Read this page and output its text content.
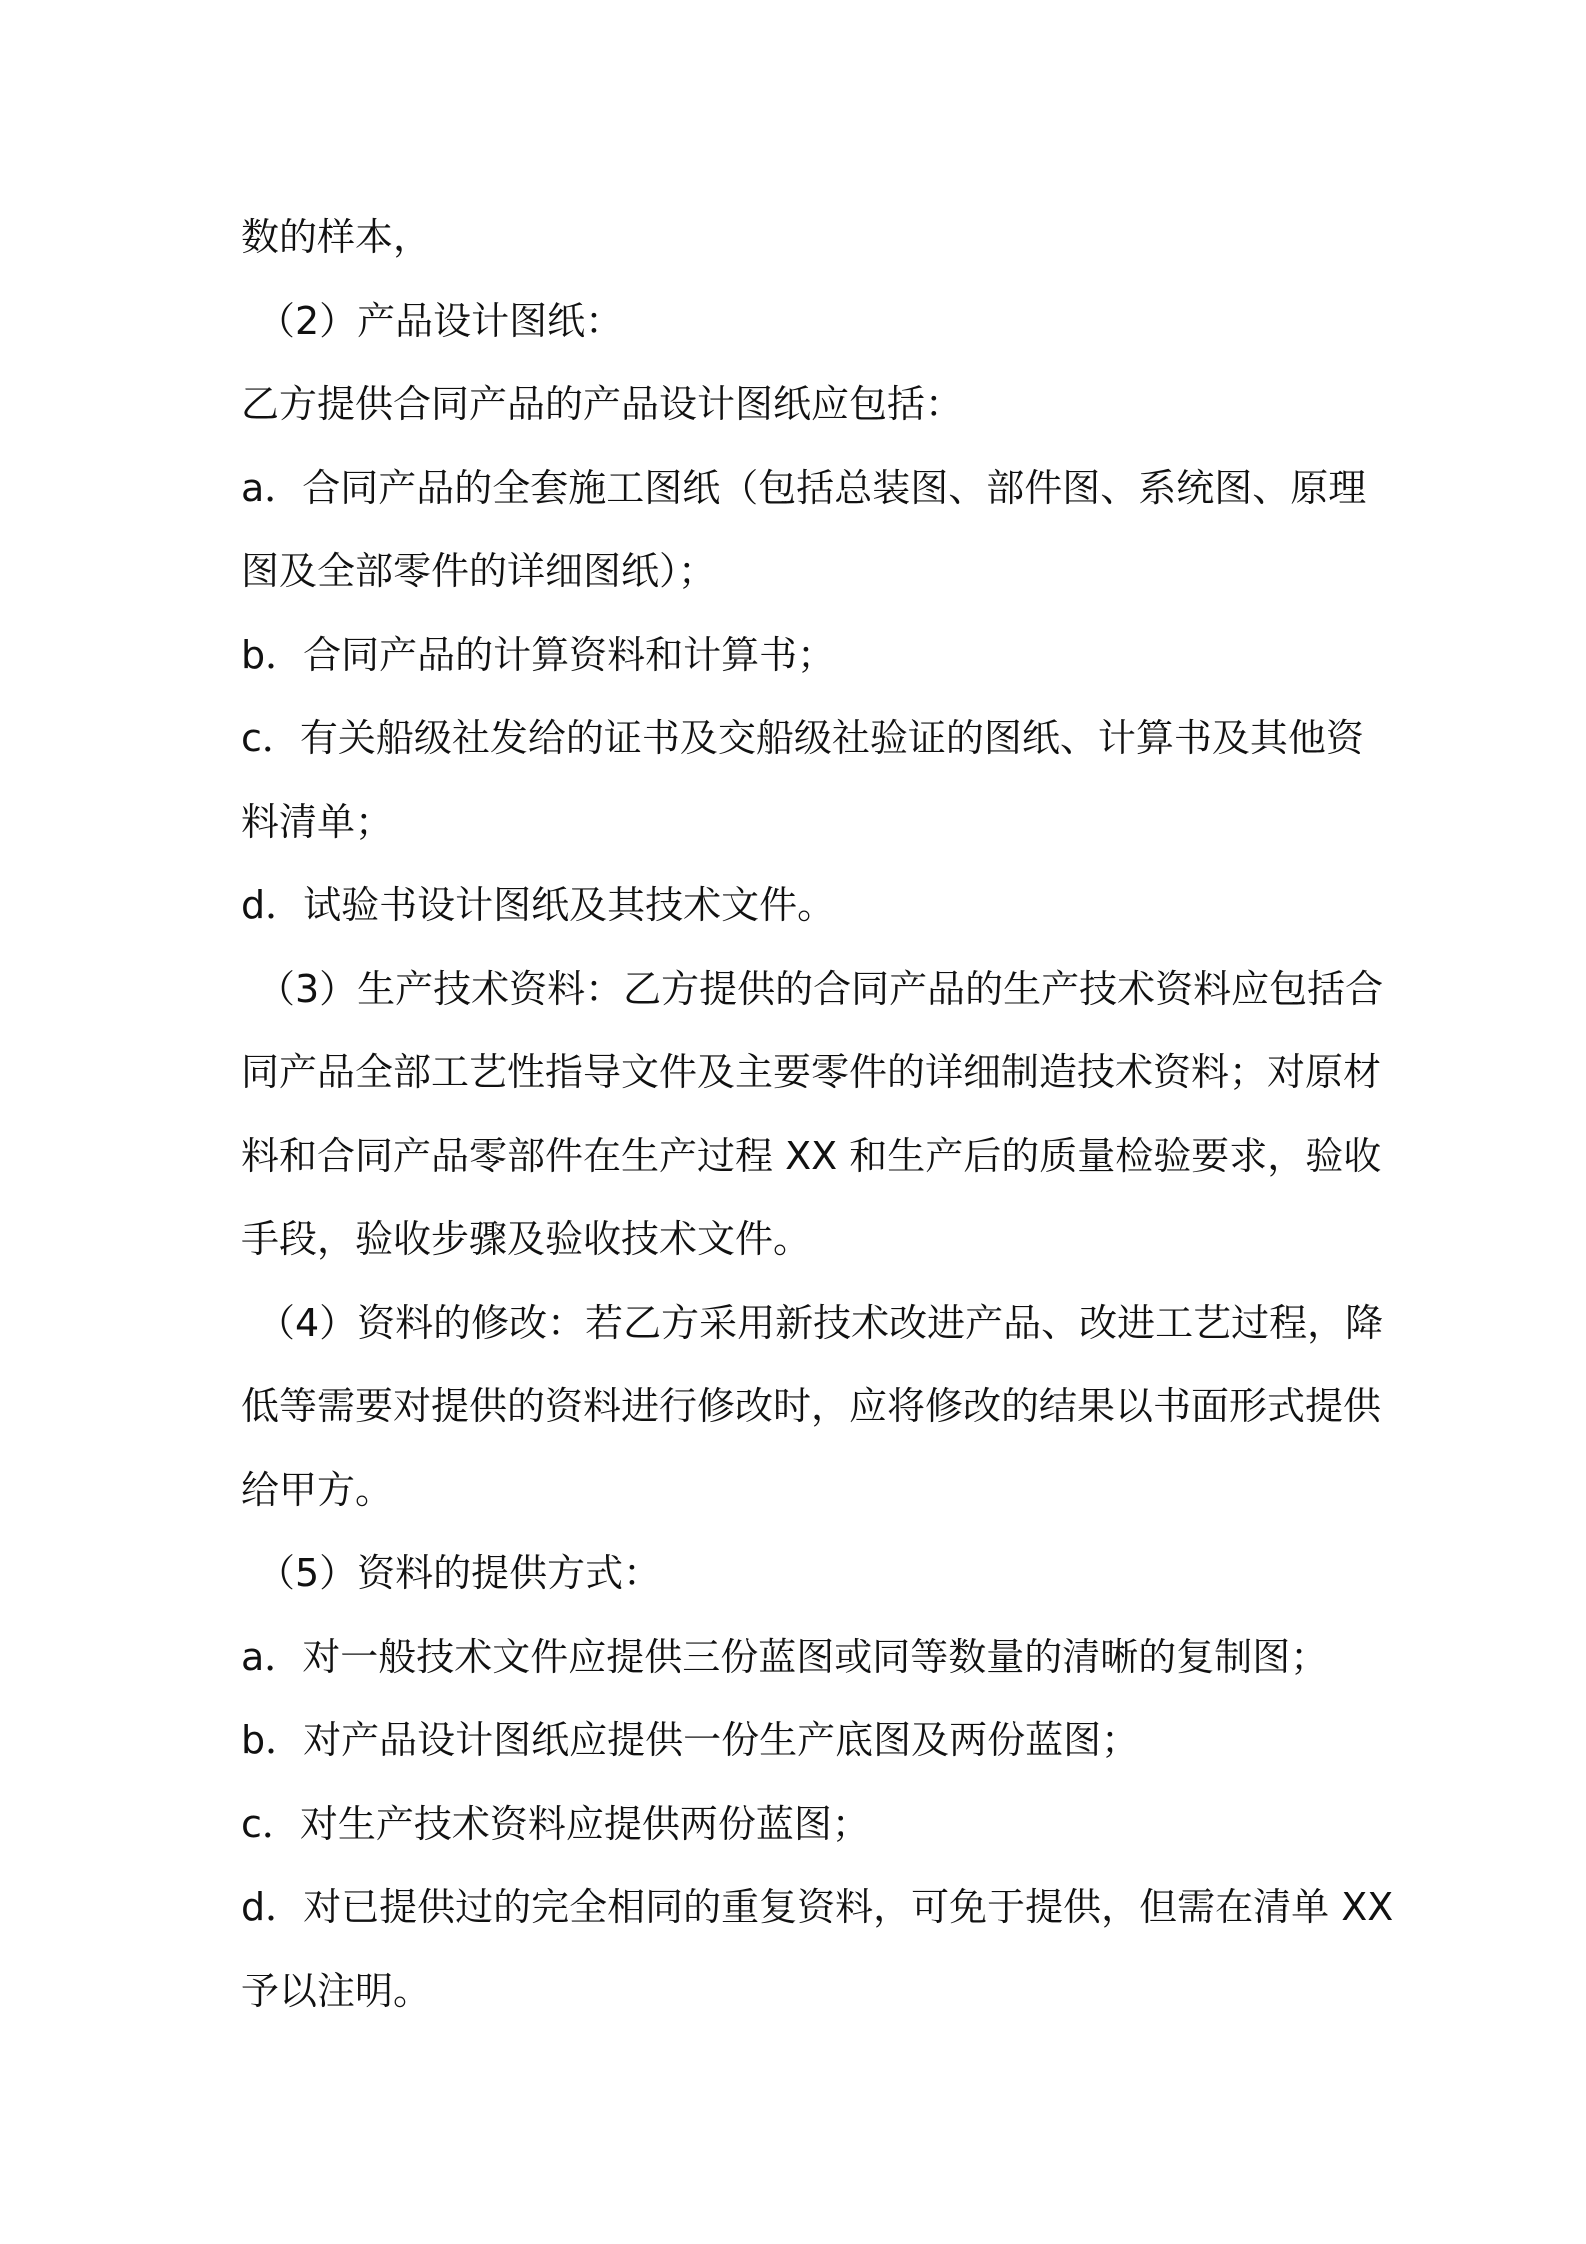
数的样本，
（2）产品设计图纸：
乙方提供合同产品的产品设计图纸应包括：
a．合同产品的全套施工图纸（包括总装图、部件图、系统图、原理
图及全部零件的详细图纸）；
b．合同产品的计算资料和计算书；
c．有关船级社发给的证书及交船级社验证的图纸、计算书及其他资
料清单；
d．试验书设计图纸及其技术文件。
（3）生产技术资料：乙方提供的合同产品的生产技术资料应包括合
同产品全部工艺性指导文件及主要零件的详细制造技术资料；对原材
料和合同产品零部件在生产过程 XX 和生产后的质量检验要求，验收
手段，验收步骤及验收技术文件。
（4）资料的修改：若乙方采用新技术改进产品、改进工艺过程，降
低等需要对提供的资料进行修改时，应将修改的结果以书面形式提供
给甲方。
（5）资料的提供方式：
a．对一般技术文件应提供三份蓝图或同等数量的清晰的复制图；
b．对产品设计图纸应提供一份生产底图及两份蓝图；
c．对生产技术资料应提供两份蓝图；
d．对已提供过的完全相同的重复资料，可免于提供，但需在清单 XX
予以注明。
